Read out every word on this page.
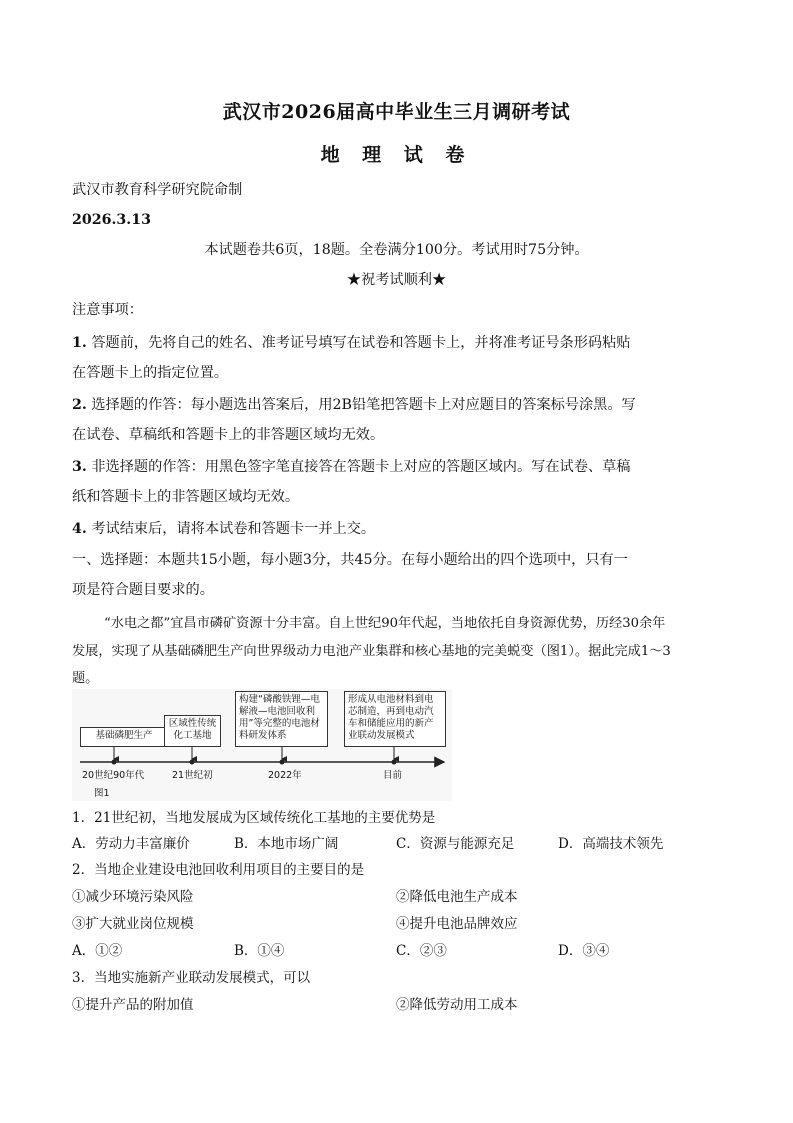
武汉市2026届高中毕业生三月调研考试
地 理 试 卷
武汉市教育科学研究院命制
2026.3.13
本试题卷共6页，18题。全卷满分100分。考试用时75分钟。
★祝考试顺利★
注意事项：
1. 答题前，先将自己的姓名、准考证号填写在试卷和答题卡上，并将准考证号条形码粘贴
在答题卡上的指定位置。
2. 选择题的作答：每小题选出答案后，用2B铅笔把答题卡上对应题目的答案标号涂黑。写
在试卷、草稿纸和答题卡上的非答题区域均无效。
3. 非选择题的作答：用黑色签字笔直接答在答题卡上对应的答题区域内。写在试卷、草稿
纸和答题卡上的非答题区域均无效。
4. 考试结束后，请将本试卷和答题卡一并上交。
一、选择题：本题共15小题，每小题3分，共45分。在每小题给出的四个选项中，只有一
项是符合题目要求的。
“水电之都”宜昌市磷矿资源十分丰富。自上世纪90年代起，当地依托自身资源优势，历经30余年
发展，实现了从基础磷肥生产向世界级动力电池产业集群和核心基地的完美蜕变（图1）。据此完成1～3
题。
基础磷肥生产
区域性传统化工基地
构建“磷酸铁锂—电解液—电池回收利用”等完整的电池材料研发体系
形成从电池材料到电芯制造，再到电动汽车和储能应用的新产业联动发展模式
20世纪90年代	21世纪初	2022年	目前
图1
1．21世纪初，当地发展成为区域传统化工基地的主要优势是
A．劳动力丰富廉价	B．本地市场广阔	C．资源与能源充足	D．高端技术领先
2．当地企业建设电池回收利用项目的主要目的是
①减少环境污染风险	②降低电池生产成本
③扩大就业岗位规模	④提升电池品牌效应
A．①②	B．①④	C．②③	D．③④
3．当地实施新产业联动发展模式，可以
①提升产品的附加值	②降低劳动用工成本
